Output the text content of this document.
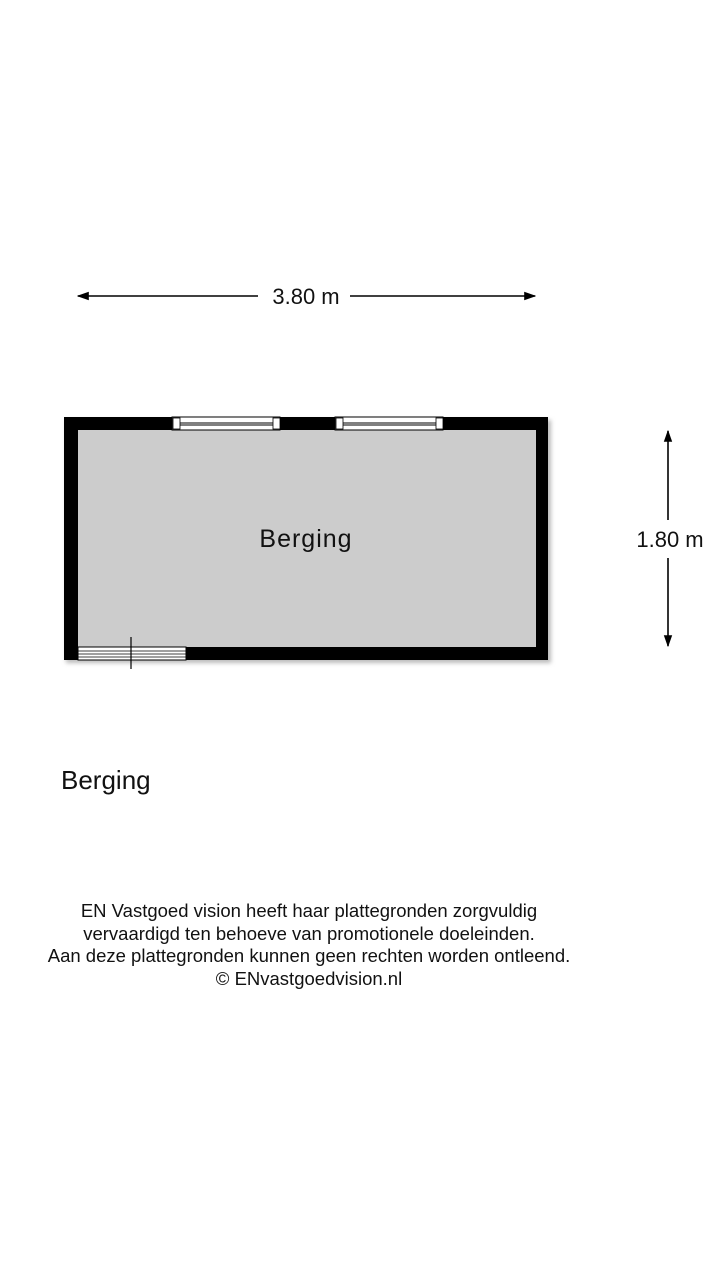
3.80 m
1.80 m
Berging
Berging
EN Vastgoed vision heeft haar plattegronden zorgvuldig
vervaardigd ten behoeve van promotionele doeleinden.
Aan deze plattegronden kunnen geen rechten worden ontleend.
© ENvastgoedvision.nl
